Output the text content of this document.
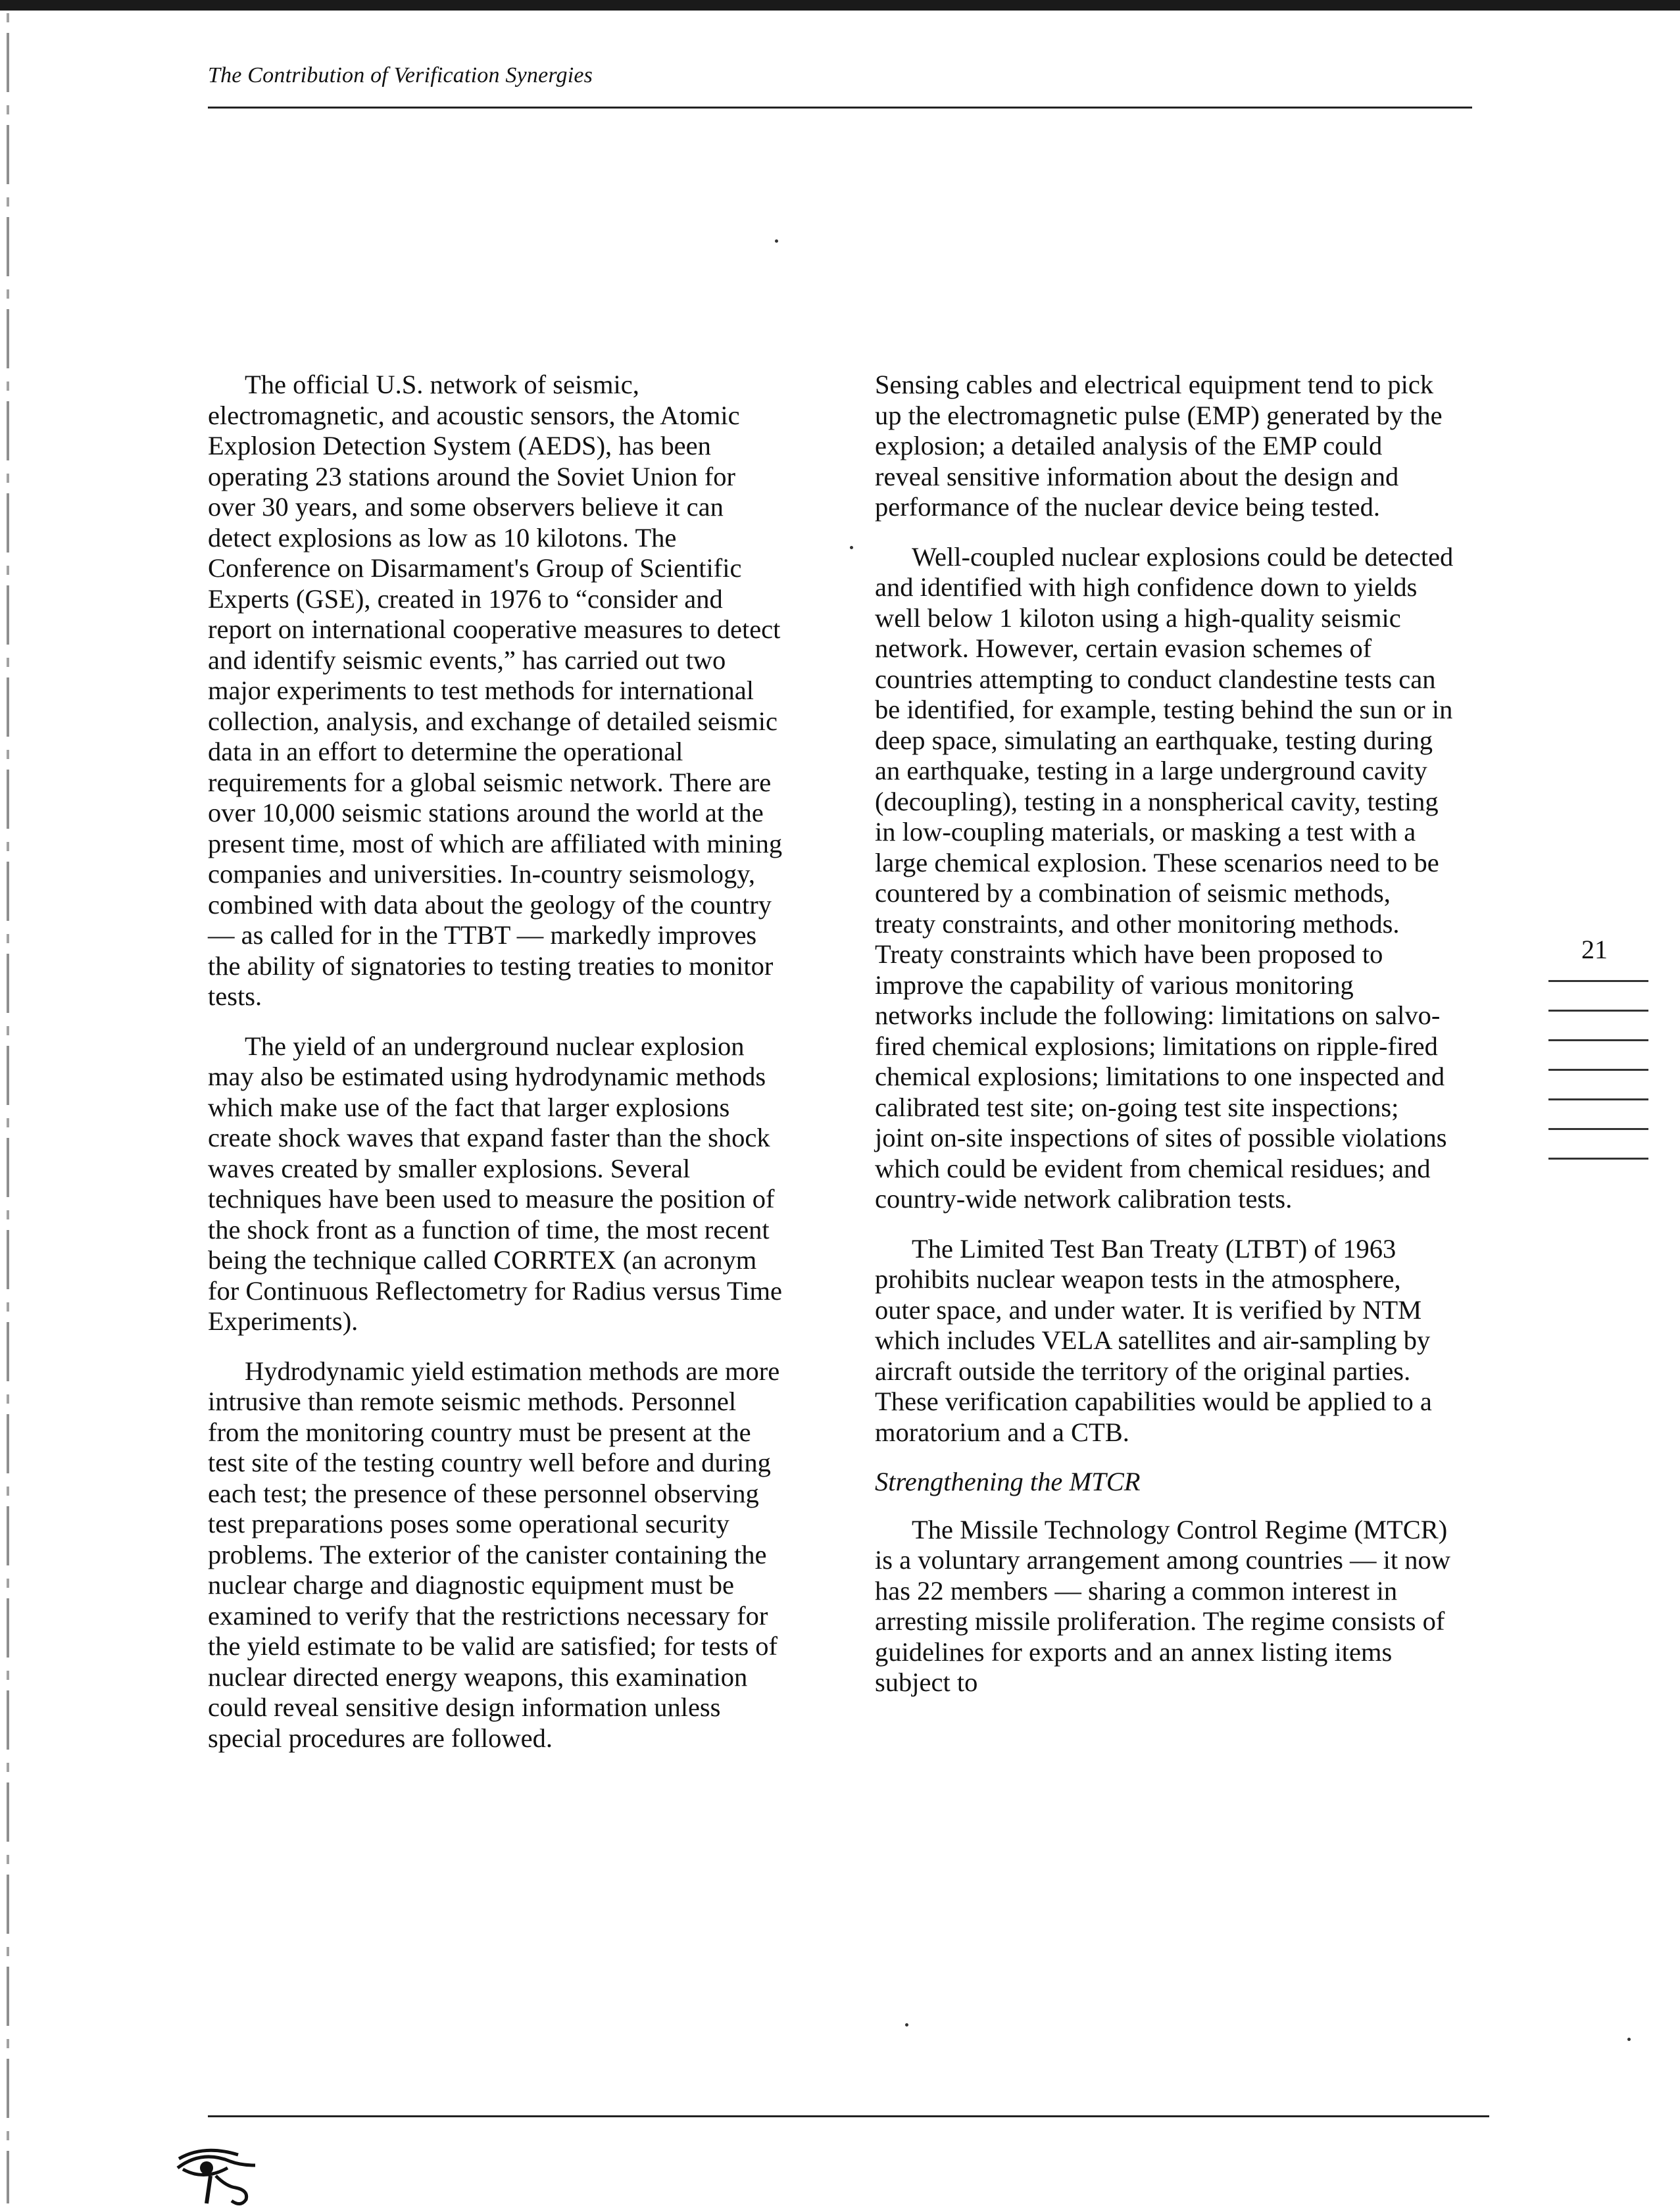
The Contribution of Verification Synergies

The official U.S. network of seismic, electromagnetic, and acoustic sensors, the Atomic Explosion Detection System (AEDS), has been operating 23 stations around the Soviet Union for over 30 years, and some observers believe it can detect explosions as low as 10 kilotons. The Conference on Disarmament's Group of Scientific Experts (GSE), created in 1976 to “consider and report on international cooperative measures to detect and identify seismic events,” has carried out two major experiments to test methods for international collection, analysis, and exchange of detailed seismic data in an effort to determine the operational requirements for a global seismic network. There are over 10,000 seismic stations around the world at the present time, most of which are affiliated with mining companies and universities. In-country seismology, combined with data about the geology of the country — as called for in the TTBT — markedly improves the ability of signatories to testing treaties to monitor tests.

The yield of an underground nuclear explosion may also be estimated using hydrodynamic methods which make use of the fact that larger explosions create shock waves that expand faster than the shock waves created by smaller explosions. Several techniques have been used to measure the position of the shock front as a function of time, the most recent being the technique called CORRTEX (an acronym for Continuous Reflectometry for Radius versus Time Experiments).

Hydrodynamic yield estimation methods are more intrusive than remote seismic methods. Personnel from the monitoring country must be present at the test site of the testing country well before and during each test; the presence of these personnel observing test preparations poses some operational security problems. The exterior of the canister containing the nuclear charge and diagnostic equipment must be examined to verify that the restrictions necessary for the yield estimate to be valid are satisfied; for tests of nuclear directed energy weapons, this examination could reveal sensitive design information unless special procedures are followed.

Sensing cables and electrical equipment tend to pick up the electromagnetic pulse (EMP) generated by the explosion; a detailed analysis of the EMP could reveal sensitive information about the design and performance of the nuclear device being tested.

Well-coupled nuclear explosions could be detected and identified with high confidence down to yields well below 1 kiloton using a high-quality seismic network. However, certain evasion schemes of countries attempting to conduct clandestine tests can be identified, for example, testing behind the sun or in deep space, simulating an earthquake, testing during an earthquake, testing in a large underground cavity (decoupling), testing in a nonspherical cavity, testing in low-coupling materials, or masking a test with a large chemical explosion. These scenarios need to be countered by a combination of seismic methods, treaty constraints, and other monitoring methods. Treaty constraints which have been proposed to improve the capability of various monitoring networks include the following: limitations on salvo-fired chemical explosions; limitations on ripple-fired chemical explosions; limitations to one inspected and calibrated test site; on-going test site inspections; joint on-site inspections of sites of possible violations which could be evident from chemical residues; and country-wide network calibration tests.

The Limited Test Ban Treaty (LTBT) of 1963 prohibits nuclear weapon tests in the atmosphere, outer space, and under water. It is verified by NTM which includes VELA satellites and air-sampling by aircraft outside the territory of the original parties. These verification capabilities would be applied to a moratorium and a CTB.

Strengthening the MTCR

The Missile Technology Control Regime (MTCR) is a voluntary arrangement among countries — it now has 22 members — sharing a common interest in arresting missile proliferation. The regime consists of guidelines for exports and an annex listing items subject to

21
